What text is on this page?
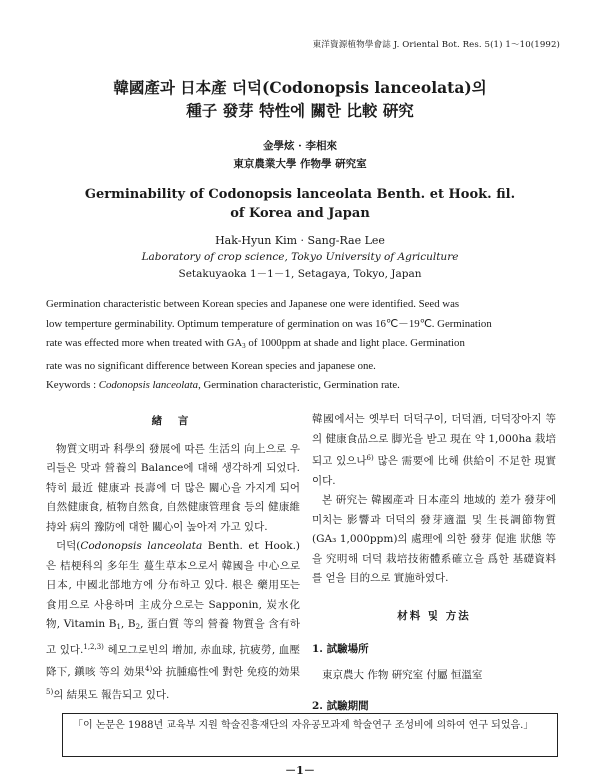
東洋資源植物學會誌 J. Oriental Bot. Res. 5(1) 1～10(1992)
韓國產과 日本產 더덕(Codonopsis lanceolata)의
種子 發芽 特性에 關한 比較 硏究
金學炫 · 李相來
東京農業大學 作物學 硏究室
Germinability of Codonopsis lanceolata Benth. et Hook. fil.
of Korea and Japan
Hak-Hyun Kim · Sang-Rae Lee
Laboratory of crop science, Tokyo University of Agriculture
Setakuyaoka 1－1－1, Setagaya, Tokyo, Japan

Germination characteristic between Korean species and Japanese one were identified. Seed was

low temperture germinability. Optimum temperature of germination on was 16℃－19℃. Germination

rate was effected more when treated with $GA_3$ of 1000ppm at shade and light place. Germination

rate was no significant difference between Korean species and japanese one.

Keywords : Codonopsis lanceolata, Germination characteristic, Germination rate.

緖 言

物質文明과 科學의 發展에 따른 生活의 向上으로 우리들은 맛과 營養의 Balance에 대해 생각하게 되었다. 特히 最近 健康과 長壽에 더 많은 關心을 가지게 되어 自然健康食, 植物自然食, 自然健康管理食 등의 健康維持와 病의 豫防에 대한 關心이 높아져 가고 있다.

더덕(Codonopsis lanceolata Benth. et Hook.)은 桔梗科의 多年生 蔓生草本으로서 韓國을 中心으로 日本, 中國北部地方에 分布하고 있다. 根은 藥用또는 食用으로 사용하며 主成分으로는 Sapponin, 炭水化物, Vitamin $B_1$, $B_2$, 蛋白質 等의 營養 物質을 含有하고 있다.$^{1,2,3)}$ 헤모그로빈의 增加, 赤血球, 抗疲勞, 血壓降下, 鎭咳 等의 効果$^{4)}$와 抗腫瘍性에 對한 免疫的効果$^{5)}$의 結果도 報告되고 있다.

韓國에서는 옛부터 더덕구이, 더덕酒, 더덕장아지 等의 健康食品으로 脚光을 받고 現在 약 1,000ha 栽培되고 있으나$^{6)}$ 많은 需要에 比해 供給이 不足한 現實이다.

본 硏究는 韓國產과 日本產의 地域的 差가 發芽에 미치는 影響과 더덕의 發芽適溫 및 生長調節物質(GA₃ 1,000ppm)의 處理에 의한 發芽 促進 狀態 等을 究明해 더덕 栽培技術體系確立을 爲한 基礎資料를 얻을 目的으로 實施하였다.

材料 및 方法

1. 試驗場所

東京農大 作物 硏究室 付屬 恒溫室

2. 試驗期間

「이 논문은 1988년 교육부 지원 학술진흥재단의 자유공모과제 학술연구 조성비에 의하여 연구 되었음.」
－1－
